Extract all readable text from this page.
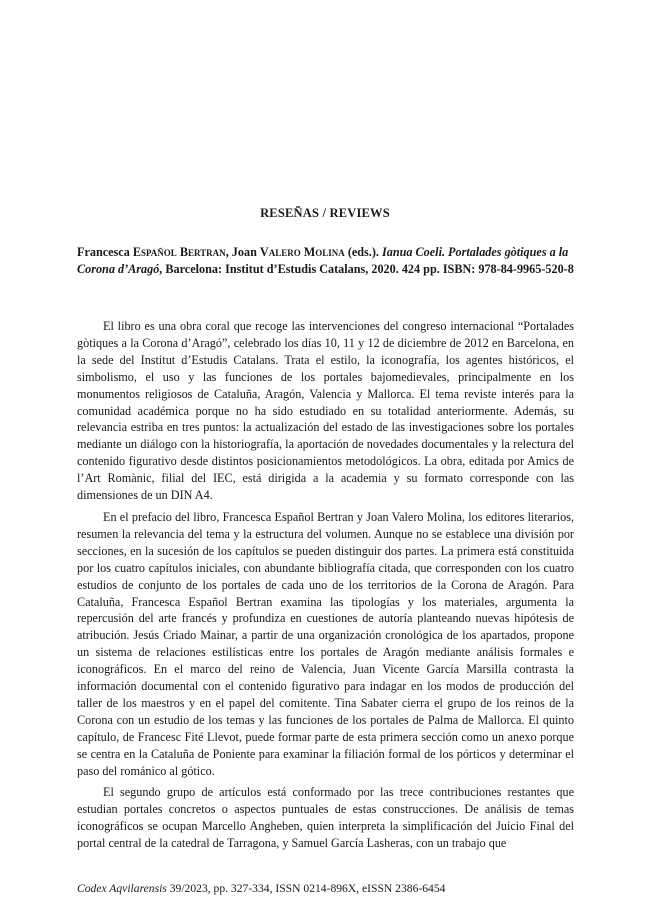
RESEÑAS / REVIEWS

Francesca Español Bertran, Joan Valero Molina (eds.). Ianua Coeli. Portalades gòtiques a la Corona d’Aragó, Barcelona: Institut d’Estudis Catalans, 2020. 424 pp. ISBN: 978-84-9965-520-8

El libro es una obra coral que recoge las intervenciones del congreso internacional “Portalades gòtiques a la Corona d’Aragó”, celebrado los días 10, 11 y 12 de diciembre de 2012 en Barcelona, en la sede del Institut d’Estudis Catalans. Trata el estilo, la iconografía, los agentes históricos, el simbolismo, el uso y las funciones de los portales bajomedievales, principalmente en los monumentos religiosos de Cataluña, Aragón, Valencia y Mallorca. El tema reviste interés para la comunidad académica porque no ha sido estudiado en su totalidad anteriormente. Además, su relevancia estriba en tres puntos: la actualización del estado de las investigaciones sobre los portales mediante un diálogo con la historiografía, la aportación de novedades documentales y la relectura del contenido figurativo desde distintos posicionamientos metodológicos. La obra, editada por Amics de l’Art Romànic, filial del IEC, está dirigida a la academia y su formato corresponde con las dimensiones de un DIN A4.

En el prefacio del libro, Francesca Español Bertran y Joan Valero Molina, los editores literarios, resumen la relevancia del tema y la estructura del volumen. Aunque no se establece una división por secciones, en la sucesión de los capítulos se pueden distinguir dos partes. La primera está constituida por los cuatro capítulos iniciales, con abundante bibliografía citada, que corresponden con los cuatro estudios de conjunto de los portales de cada uno de los territorios de la Corona de Aragón. Para Cataluña, Francesca Español Bertran examina las tipologías y los materiales, argumenta la repercusión del arte francés y profundiza en cuestiones de autoría planteando nuevas hipótesis de atribución. Jesús Criado Mainar, a partir de una organización cronológica de los apartados, propone un sistema de relaciones estilísticas entre los portales de Aragón mediante análisis formales e iconográficos. En el marco del reino de Valencia, Juan Vicente García Marsilla contrasta la información documental con el contenido figurativo para indagar en los modos de producción del taller de los maestros y en el papel del comitente. Tina Sabater cierra el grupo de los reinos de la Corona con un estudio de los temas y las funciones de los portales de Palma de Mallorca. El quinto capítulo, de Francesc Fité Llevot, puede formar parte de esta primera sección como un anexo porque se centra en la Cataluña de Poniente para examinar la filiación formal de los pórticos y determinar el paso del románico al gótico.

El segundo grupo de artículos está conformado por las trece contribuciones restantes que estudian portales concretos o aspectos puntuales de estas construcciones. De análisis de temas iconográficos se ocupan Marcello Angheben, quien interpreta la simplificación del Juicio Final del portal central de la catedral de Tarragona, y Samuel García Lasheras, con un trabajo que

Codex Aqvilarensis 39/2023, pp. 327-334, ISSN 0214-896X, eISSN 2386-6454
